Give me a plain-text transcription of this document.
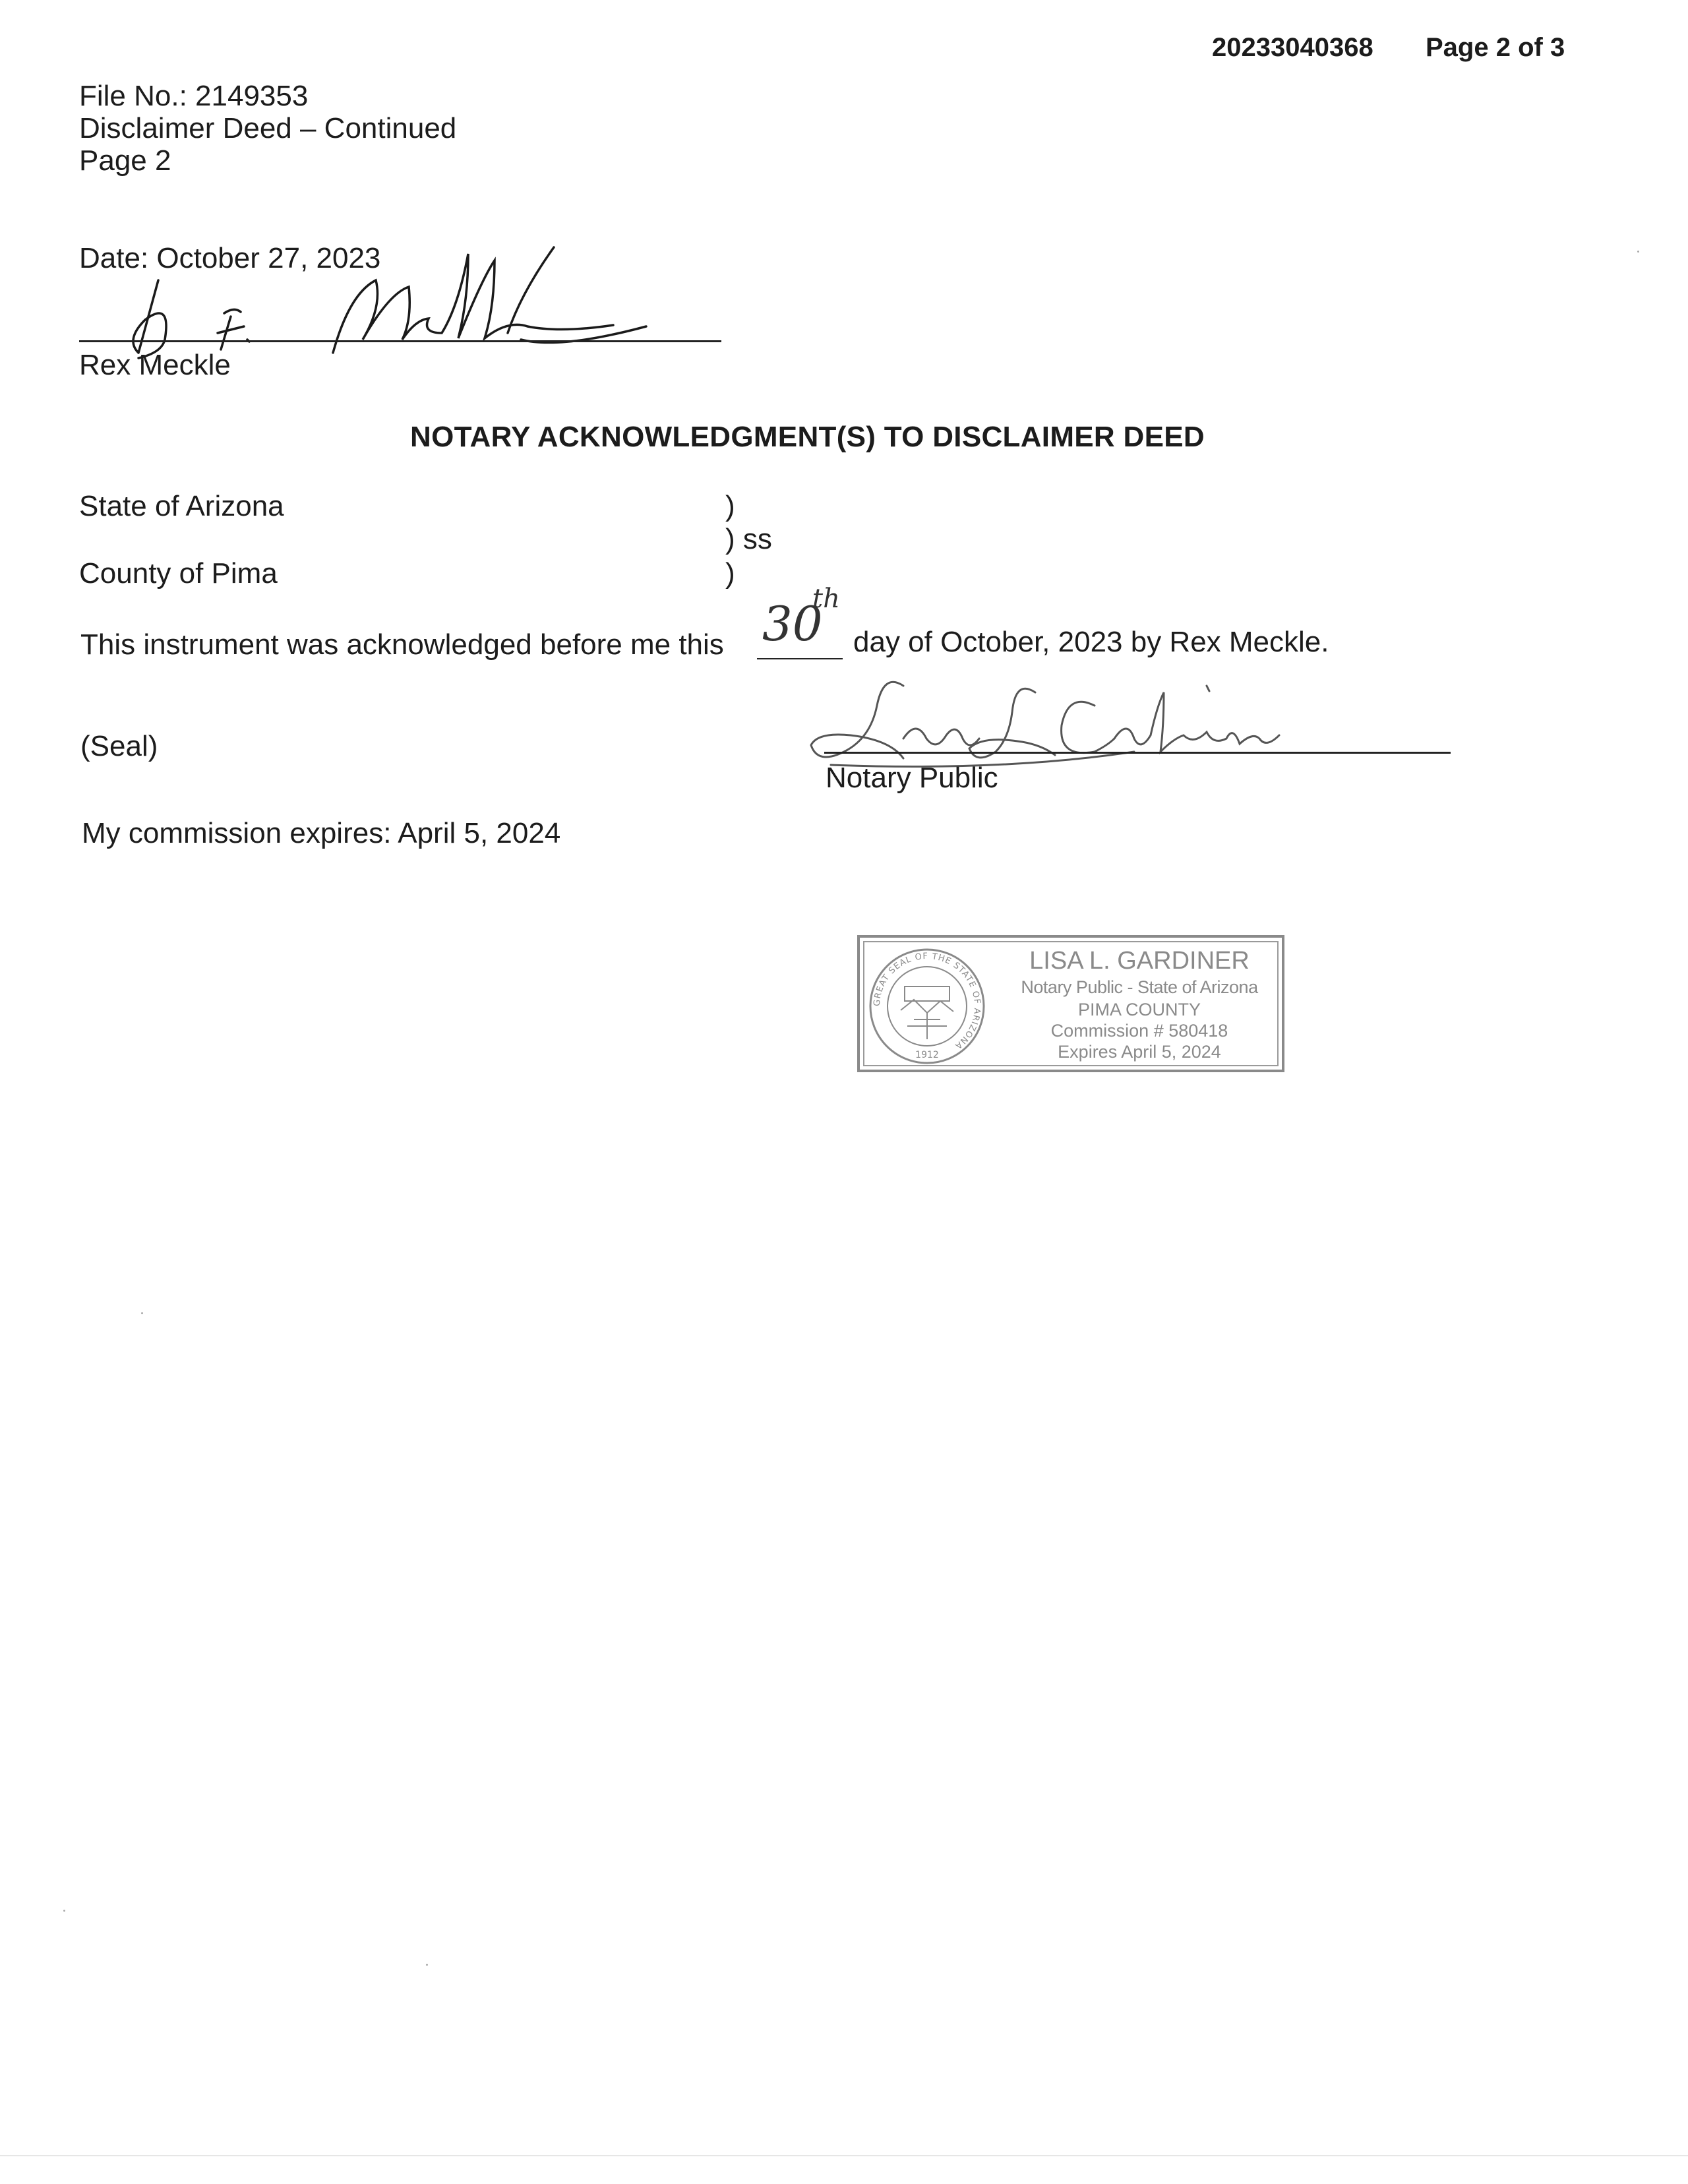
20233040368 Page 2 of 3
File No.: 2149353
Disclaimer Deed – Continued
Page 2
Date: October 27, 2023
Rex Meckle
NOTARY ACKNOWLEDGMENT(S) TO DISCLAIMER DEED
State of Arizona	)
) ss
County of Pima	)
This instrument was acknowledged before me this 30
th
day of October, 2023 by Rex Meckle.
(Seal)
Notary Public
My commission expires: April 5, 2024
GREAT SEAL OF THE STATE OF ARIZONA
1912
LISA L. GARDINER
Notary Public - State of Arizona
PIMA COUNTY
Commission # 580418
Expires April 5, 2024
